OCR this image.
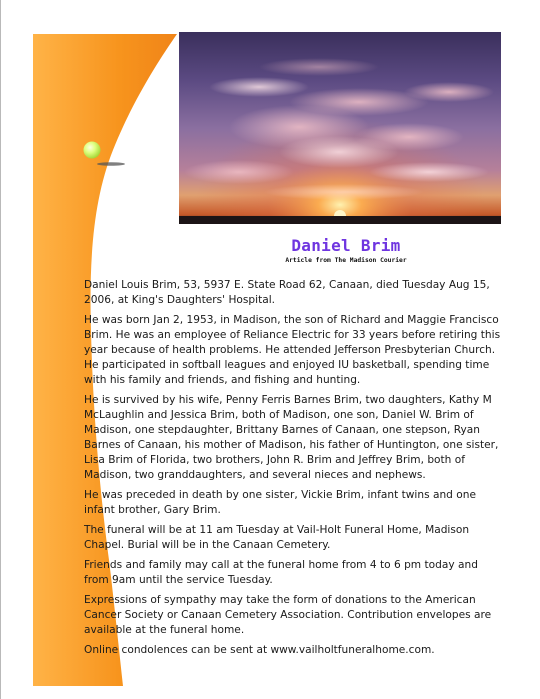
Daniel Brim
Article from The Madison Courier

Daniel Louis Brim, 53, 5937 E. State Road 62, Canaan, died Tuesday Aug 15, 2006, at King's Daughters' Hospital.

He was born Jan 2, 1953, in Madison, the son of Richard and Maggie Francisco Brim. He was an employee of Reliance Electric for 33 years before retiring this year because of health problems. He attended Jefferson Presbyterian Church. He participated in softball leagues and enjoyed IU basketball, spending time with his family and friends, and fishing and hunting.

He is survived by his wife, Penny Ferris Barnes Brim, two daughters, Kathy M McLaughlin and Jessica Brim, both of Madison, one son, Daniel W. Brim of Madison, one stepdaughter, Brittany Barnes of Canaan, one stepson, Ryan Barnes of Canaan, his mother of Madison, his father of Huntington, one sister, Lisa Brim of Florida, two brothers, John R. Brim and Jeffrey Brim, both of Madison, two granddaughters, and several nieces and nephews.

He was preceded in death by one sister, Vickie Brim, infant twins and one infant brother, Gary Brim.

The funeral will be at 11 am Tuesday at Vail-Holt Funeral Home, Madison Chapel. Burial will be in the Canaan Cemetery.

Friends and family may call at the funeral home from 4 to 6 pm today and from 9am until the service Tuesday.

Expressions of sympathy may take the form of donations to the American Cancer Society or Canaan Cemetery Association. Contribution envelopes are available at the funeral home.

Online condolences can be sent at www.vailholtfuneralhome.com.
